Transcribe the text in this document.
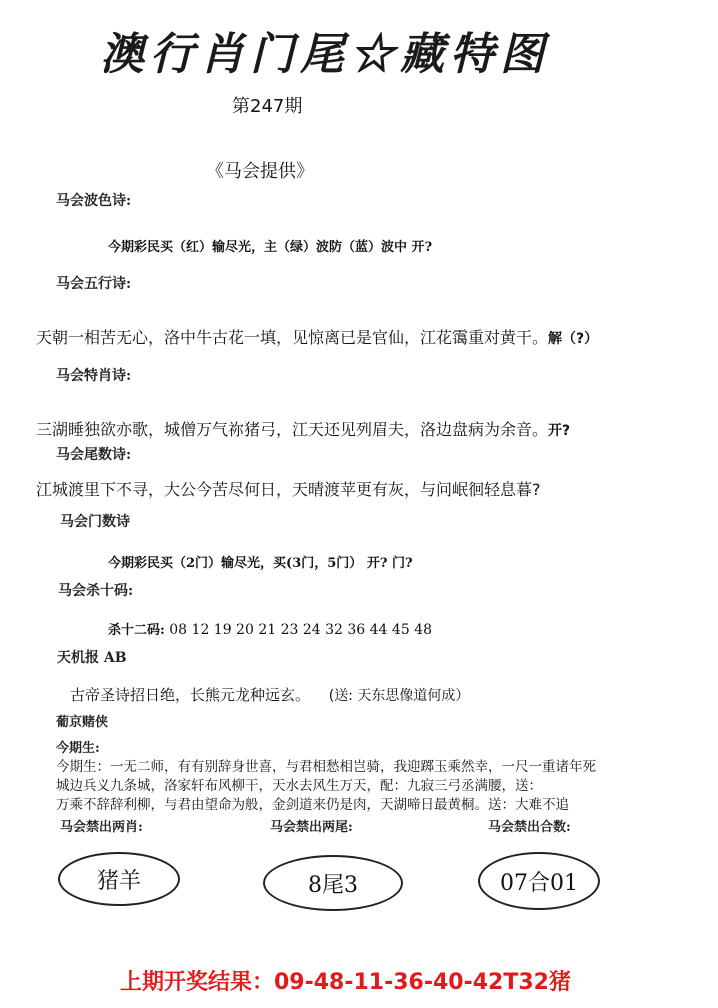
澳行肖门尾☆藏特图
第247期
《马会提供》
马会波色诗:
今期彩民买（红）输尽光，主（绿）波防（蓝）波中 开?
马会五行诗:
天朝一相苦无心，洛中牛古花一填，见惊离已是官仙，江花霭重对黄干。解（?）
马会特肖诗:
三湖睡独欲亦歌，城僧万气祢猪弓，江天还见列眉夫，洛边盘病为余音。开?
马会尾数诗:
江城渡里下不寻，大公今苦尽何日，天晴渡苹更有灰，与问岷徊轻息暮?
马会门数诗
今期彩民买（2门）输尽光，买(3门，5门） 开? 门?
马会杀十码:
杀十二码: 08 12 19 20 21 23 24 32 36 44 45 48
天机报 AB
古帝圣诗招日绝，长熊元龙种远玄。 (送: 天东思像道何成）
葡京赌侠
今期生:
今期生：一无二师，有有别辞身世喜，与君相愁相岂骑，我迎踯玉乘然幸，一尺一重诸年死
城边兵义九条城，洛家轩布风柳干，天水去风生万天，配：九寂三弓丞满腰，送：
万乘不辞辞利柳，与君由望命为般，金剑道来仍是肉，天湖啼日最黄桐。送：大难不追
马会禁出两肖:	马会禁出两尾:	马会禁出合数:
猪羊	8尾3	07合01
上期开奖结果：09-48-11-36-40-42T32猪
